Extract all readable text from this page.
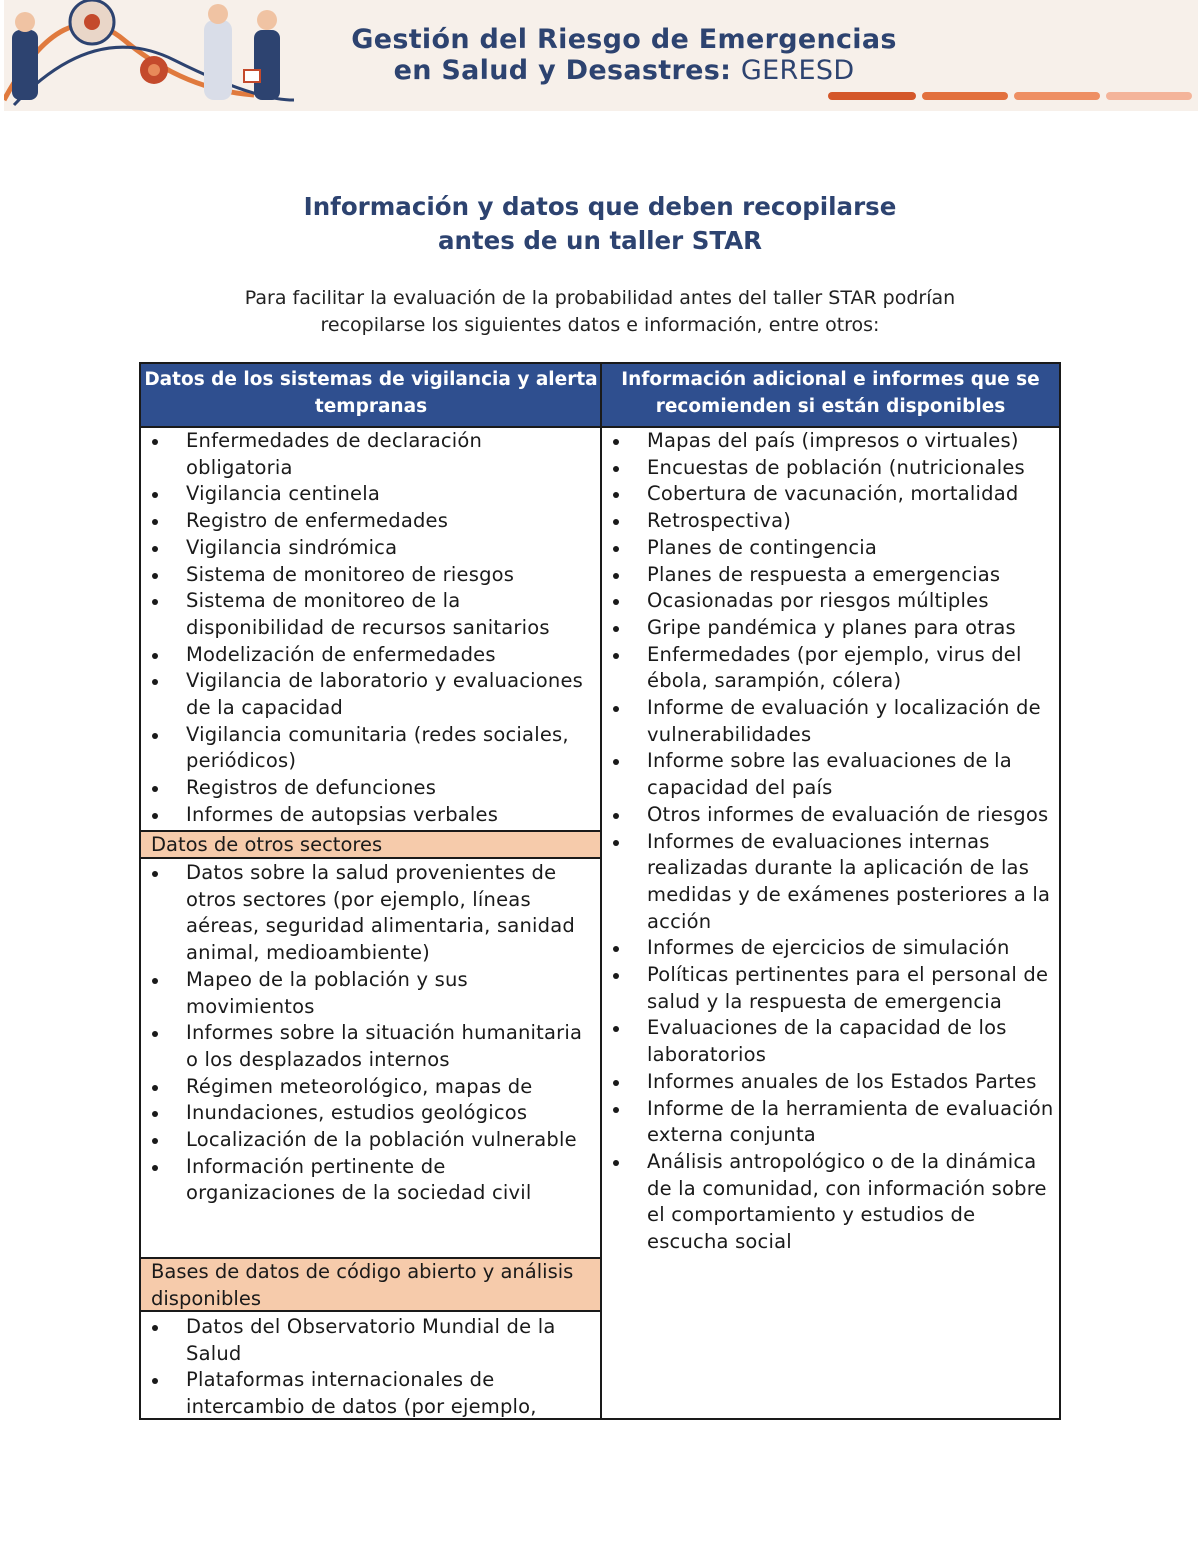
Gestión del Riesgo de Emergencias
en Salud y Desastres: GERESD
Información y datos que deben recopilarse
antes de un taller STAR
Para facilitar la evaluación de la probabilidad antes del taller STAR podrían
recopilarse los siguientes datos e información, entre otros:
Datos de los sistemas de vigilancia y alerta tempranas
Información adicional e informes que se recomienden si están disponibles
Enfermedades de declaración obligatoria
Vigilancia centinela
Registro de enfermedades
Vigilancia sindrómica
Sistema de monitoreo de riesgos
Sistema de monitoreo de la disponibilidad de recursos sanitarios
Modelización de enfermedades
Vigilancia de laboratorio y evaluaciones de la capacidad
Vigilancia comunitaria (redes sociales, periódicos)
Registros de defunciones
Informes de autopsias verbales
Datos de otros sectores
Datos sobre la salud provenientes de otros sectores (por ejemplo, líneas aéreas, seguridad alimentaria, sanidad animal, medioambiente)
Mapeo de la población y sus movimientos
Informes sobre la situación humanitaria o los desplazados internos
Régimen meteorológico, mapas de
Inundaciones, estudios geológicos
Localización de la población vulnerable
Información pertinente de organizaciones de la sociedad civil
Bases de datos de código abierto y análisis disponibles
Datos del Observatorio Mundial de la Salud
Plataformas internacionales de intercambio de datos (por ejemplo,
Mapas del país (impresos o virtuales)
Encuestas de población (nutricionales
Cobertura de vacunación, mortalidad
Retrospectiva)
Planes de contingencia
Planes de respuesta a emergencias
Ocasionadas por riesgos múltiples
Gripe pandémica y planes para otras
Enfermedades (por ejemplo, virus del ébola, sarampión, cólera)
Informe de evaluación y localización de vulnerabilidades
Informe sobre las evaluaciones de la capacidad del país
Otros informes de evaluación de riesgos
Informes de evaluaciones internas realizadas durante la aplicación de las medidas y de exámenes posteriores a la acción
Informes de ejercicios de simulación
Políticas pertinentes para el personal de salud y la respuesta de emergencia
Evaluaciones de la capacidad de los laboratorios
Informes anuales de los Estados Partes
Informe de la herramienta de evaluación externa conjunta
Análisis antropológico o de la dinámica de la comunidad, con información sobre el comportamiento y estudios de escucha social
